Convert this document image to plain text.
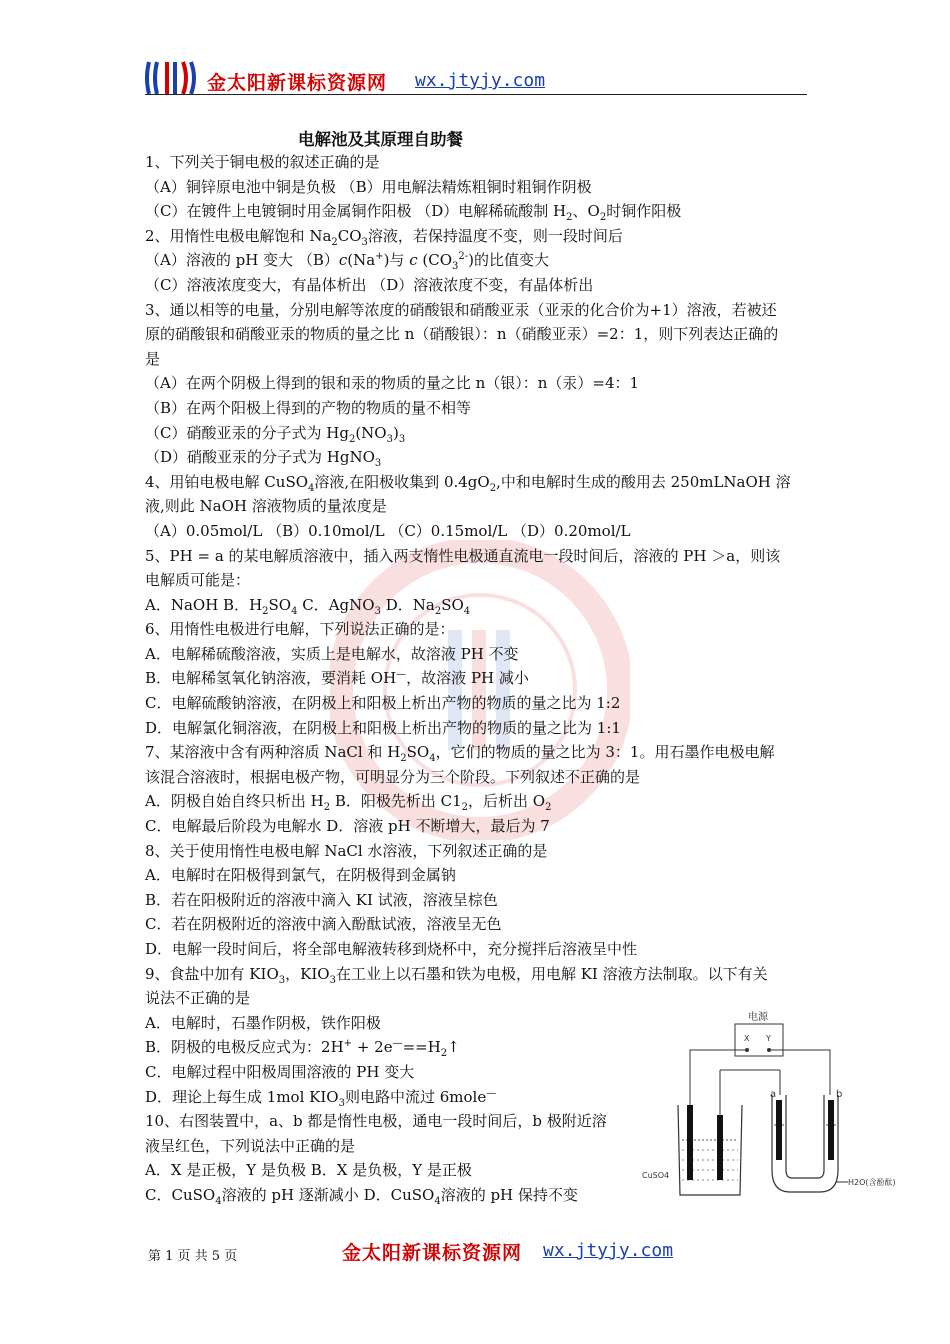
金太阳新课标资源网 wx.jtyjy.com
电解池及其原理自助餐
1、下列关于铜电极的叙述正确的是
（A）铜锌原电池中铜是负极 （B）用电解法精炼粗铜时粗铜作阴极
（C）在镀件上电镀铜时用金属铜作阳极 （D）电解稀硫酸制 $H_2$、$O_2$时铜作阳极
2、用惰性电极电解饱和 $Na_2CO_3$溶液，若保持温度不变，则一段时间后
（A）溶液的 pH 变大 （B）c(Na+)与 c $(CO_3^{2-})$的比值变大
（C）溶液浓度变大，有晶体析出 （D）溶液浓度不变，有晶体析出
3、通以相等的电量，分别电解等浓度的硝酸银和硝酸亚汞（亚汞的化合价为+1）溶液，若被还
原的硝酸银和硝酸亚汞的物质的量之比 n（硝酸银）：n（硝酸亚汞）=2：1，则下列表达正确的
是
（A）在两个阴极上得到的银和汞的物质的量之比 n（银）：n（汞）=4：1
（B）在两个阳极上得到的产物的物质的量不相等
（C）硝酸亚汞的分子式为 $Hg_2(NO_3)_3$
（D）硝酸亚汞的分子式为 HgNO$_3$
4、用铂电极电解 CuSO$_4$溶液,在阳极收集到 $0.4gO_2$,中和电解时生成的酸用去 250mLNaOH 溶
液,则此 NaOH 溶液物质的量浓度是
（A）0.05mol/L （B）0.10mol/L （C）0.15mol/L （D）0.20mol/L
5、PH = a 的某电解质溶液中，插入两支惰性电极通直流电一段时间后，溶液的 PH ＞a，则该
电解质可能是：
A．NaOH B．$H_2SO_4$ C．AgNO$_3$ D．$Na_2SO_4$
6、用惰性电极进行电解，下列说法正确的是：
A．电解稀硫酸溶液，实质上是电解水，故溶液 PH 不变
B．电解稀氢氧化钠溶液，要消耗 OH—，故溶液 PH 减小
C．电解硫酸钠溶液，在阴极上和阳极上析出产物的物质的量之比为 1:2
D．电解氯化铜溶液，在阴极上和阳极上析出产物的物质的量之比为 1:1
7、某溶液中含有两种溶质 NaCl 和 $H_2SO_4$，它们的物质的量之比为 3：1。用石墨作电极电解
该混合溶液时，根据电极产物，可明显分为三个阶段。下列叙述不正确的是
A．阴极自始自终只析出 $H_2$ B．阳极先析出 $C1_2$，后析出 $O_2$
C．电解最后阶段为电解水 D．溶液 pH 不断增大，最后为 7
8、关于使用惰性电极电解 NaCl 水溶液，下列叙述正确的是
A．电解时在阳极得到氯气，在阴极得到金属钠
B．若在阳极附近的溶液中滴入 KI 试液，溶液呈棕色
C．若在阴极附近的溶液中滴入酚酞试液，溶液呈无色
D．电解一段时间后，将全部电解液转移到烧杯中，充分搅拌后溶液呈中性
9、食盐中加有 $KIO_3$，$KIO_3$在工业上以石墨和铁为电极，用电解 KI 溶液方法制取。以下有关
说法不正确的是
A．电解时，石墨作阴极，铁作阳极
B．阴极的电极反应式为：$2H^+ + 2e^—==H_2↑$
C．电解过程中阳极周围溶液的 PH 变大
D．理论上每生成 1mol $KIO_3$则电路中流过 6mole—
10、右图装置中，a、b 都是惰性电极，通电一段时间后，b 极附近溶
液呈红色，下列说法中正确的是
A．X 是正极，Y 是负极 B．X 是负极，Y 是正极
C．CuSO$_4$溶液的 pH 逐渐减小 D．CuSO$_4$溶液的 pH 保持不变
电源
X Y
CuSO4
a	b
H2O(含酚酞)
第 1 页 共 5 页	金太阳新课标资源网 wx.jtyjy.com
